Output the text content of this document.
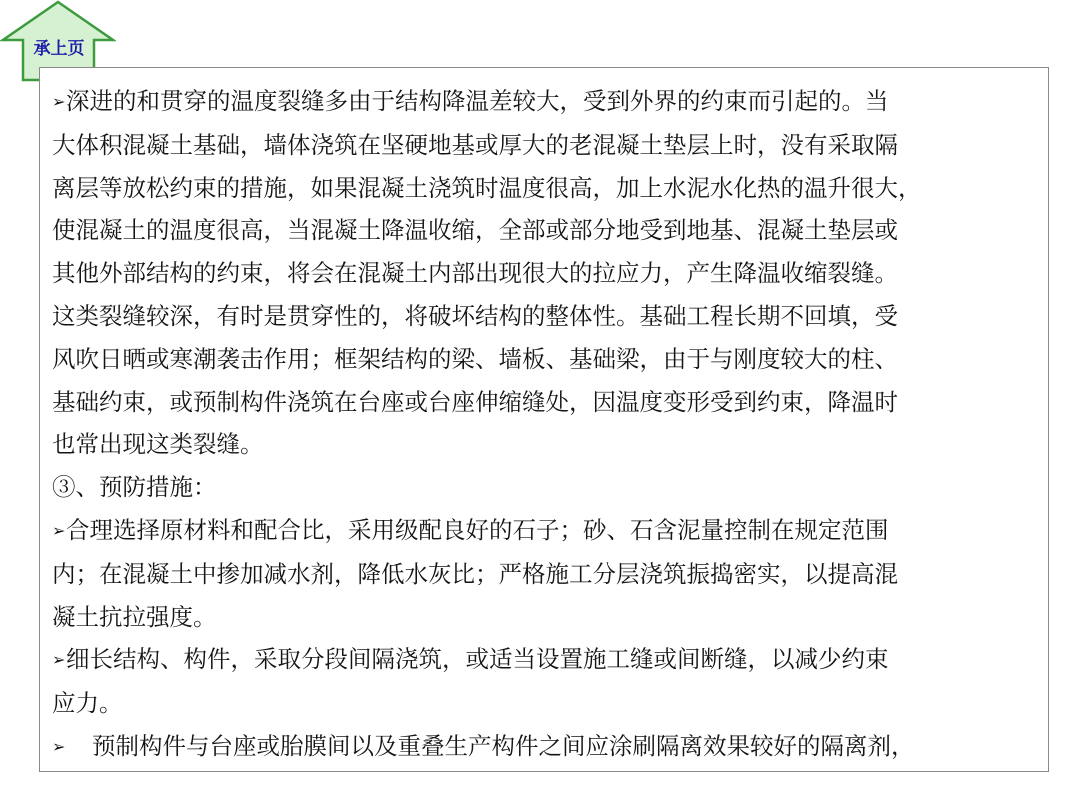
承上页
➢深进的和贯穿的温度裂缝多由于结构降温差较大，受到外界的约束而引起的。当
大体积混凝土基础，墙体浇筑在坚硬地基或厚大的老混凝土垫层上时，没有采取隔
离层等放松约束的措施，如果混凝土浇筑时温度很高，加上水泥水化热的温升很大，
使混凝土的温度很高，当混凝土降温收缩，全部或部分地受到地基、混凝土垫层或
其他外部结构的约束，将会在混凝土内部出现很大的拉应力，产生降温收缩裂缝。
这类裂缝较深，有时是贯穿性的，将破坏结构的整体性。基础工程长期不回填，受
风吹日晒或寒潮袭击作用；框架结构的梁、墙板、基础梁，由于与刚度较大的柱、
基础约束，或预制构件浇筑在台座或台座伸缩缝处，因温度变形受到约束，降温时
也常出现这类裂缝。
③、预防措施：
➢合理选择原材料和配合比，采用级配良好的石子；砂、石含泥量控制在规定范围
内；在混凝土中掺加减水剂，降低水灰比；严格施工分层浇筑振捣密实，以提高混
凝土抗拉强度。
➢细长结构、构件，采取分段间隔浇筑，或适当设置施工缝或间断缝，以减少约束
应力。
➢ 预制构件与台座或胎膜间以及重叠生产构件之间应涂刷隔离效果较好的隔离剂，
